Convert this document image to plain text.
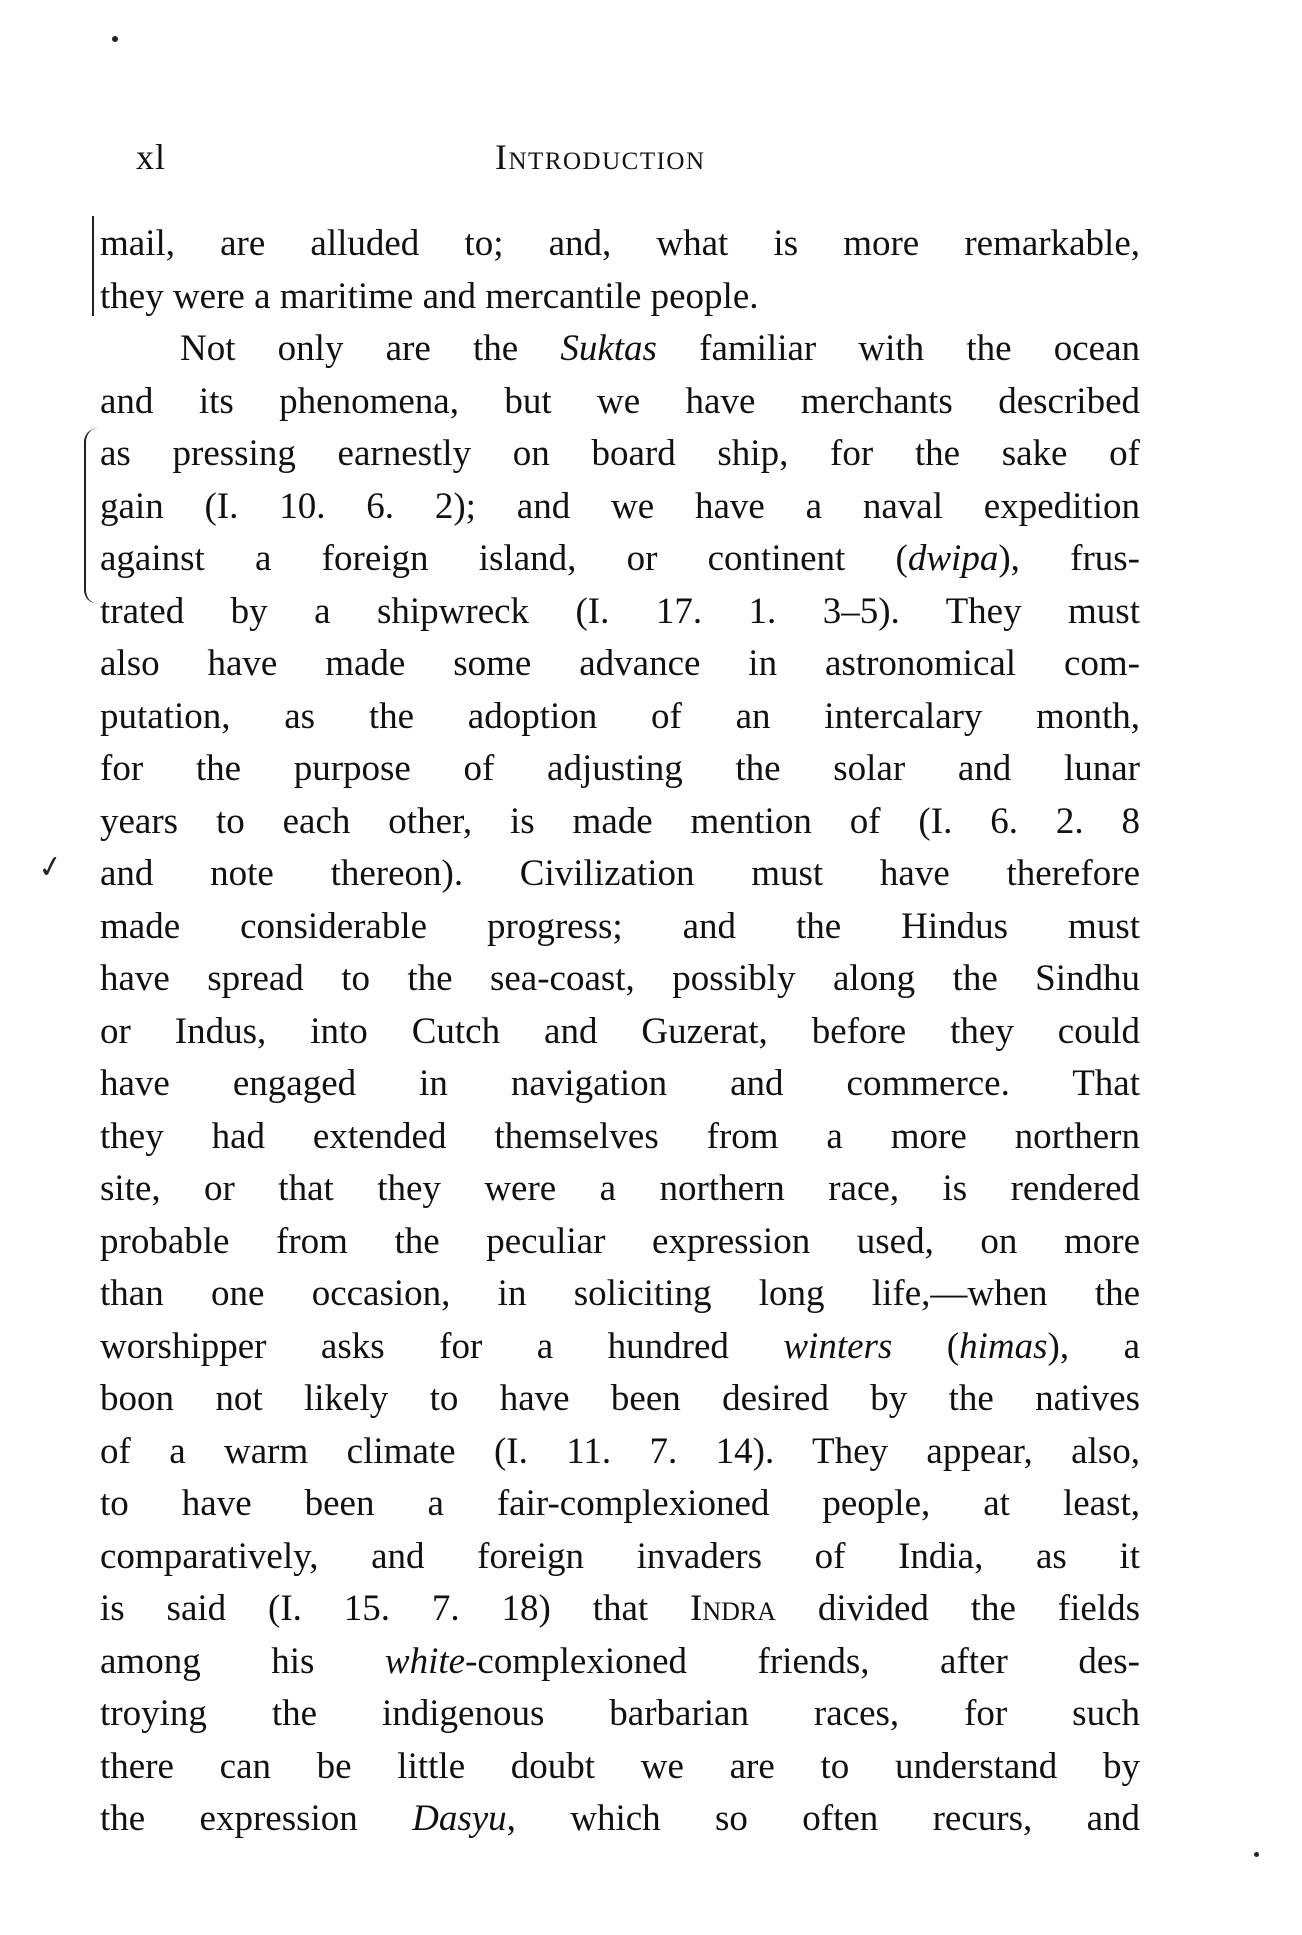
xl	Introduction
✓
mail, are alluded to; and, what is more remarkable,
they were a maritime and mercantile people.
Not only are the Suktas familiar with the ocean
and its phenomena, but we have merchants described
as pressing earnestly on board ship, for the sake of
gain (I. 10. 6. 2); and we have a naval expedition
against a foreign island, or continent (dwipa), frus-
trated by a shipwreck (I. 17. 1. 3–5). They must
also have made some advance in astronomical com-
putation, as the adoption of an intercalary month,
for the purpose of adjusting the solar and lunar
years to each other, is made mention of (I. 6. 2. 8
and note thereon). Civilization must have therefore
made considerable progress; and the Hindus must
have spread to the sea-coast, possibly along the Sindhu
or Indus, into Cutch and Guzerat, before they could
have engaged in navigation and commerce. That
they had extended themselves from a more northern
site, or that they were a northern race, is rendered
probable from the peculiar expression used, on more
than one occasion, in soliciting long life,—when the
worshipper asks for a hundred winters (himas), a
boon not likely to have been desired by the natives
of a warm climate (I. 11. 7. 14). They appear, also,
to have been a fair-complexioned people, at least,
comparatively, and foreign invaders of India, as it
is said (I. 15. 7. 18) that Indra divided the fields
among his white-complexioned friends, after des-
troying the indigenous barbarian races, for such
there can be little doubt we are to understand by
the expression Dasyu, which so often recurs, and
